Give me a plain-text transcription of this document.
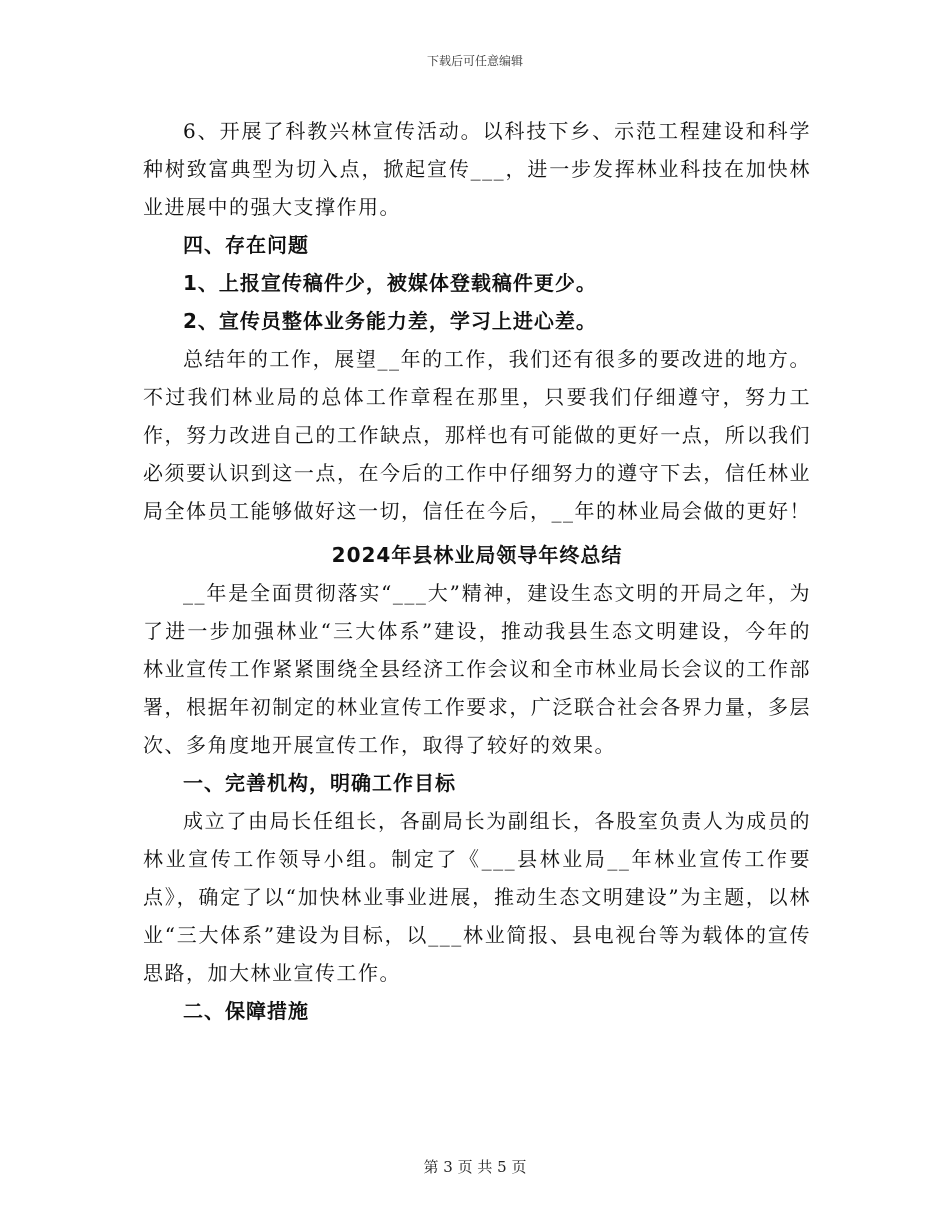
下载后可任意编辑

6、开展了科教兴林宣传活动。以科技下乡、示范工程建设和科学种树致富典型为切入点，掀起宣传___，进一步发挥林业科技在加快林业进展中的强大支撑作用。

四、存在问题

1、上报宣传稿件少，被媒体登载稿件更少。

2、宣传员整体业务能力差，学习上进心差。

总结年的工作，展望__年的工作，我们还有很多的要改进的地方。不过我们林业局的总体工作章程在那里，只要我们仔细遵守，努力工作，努力改进自己的工作缺点，那样也有可能做的更好一点，所以我们必须要认识到这一点，在今后的工作中仔细努力的遵守下去，信任林业局全体员工能够做好这一切，信任在今后，__年的林业局会做的更好！

2024年县林业局领导年终总结

__年是全面贯彻落实“___大”精神，建设生态文明的开局之年，为了进一步加强林业“三大体系”建设，推动我县生态文明建设，今年的林业宣传工作紧紧围绕全县经济工作会议和全市林业局长会议的工作部署，根据年初制定的林业宣传工作要求，广泛联合社会各界力量，多层次、多角度地开展宣传工作，取得了较好的效果。

一、完善机构，明确工作目标

成立了由局长任组长，各副局长为副组长，各股室负责人为成员的林业宣传工作领导小组。制定了《___县林业局__年林业宣传工作要点》，确定了以“加快林业事业进展，推动生态文明建设”为主题，以林业“三大体系”建设为目标，以___林业简报、县电视台等为载体的宣传思路，加大林业宣传工作。

二、保障措施

第 3 页 共 5 页
